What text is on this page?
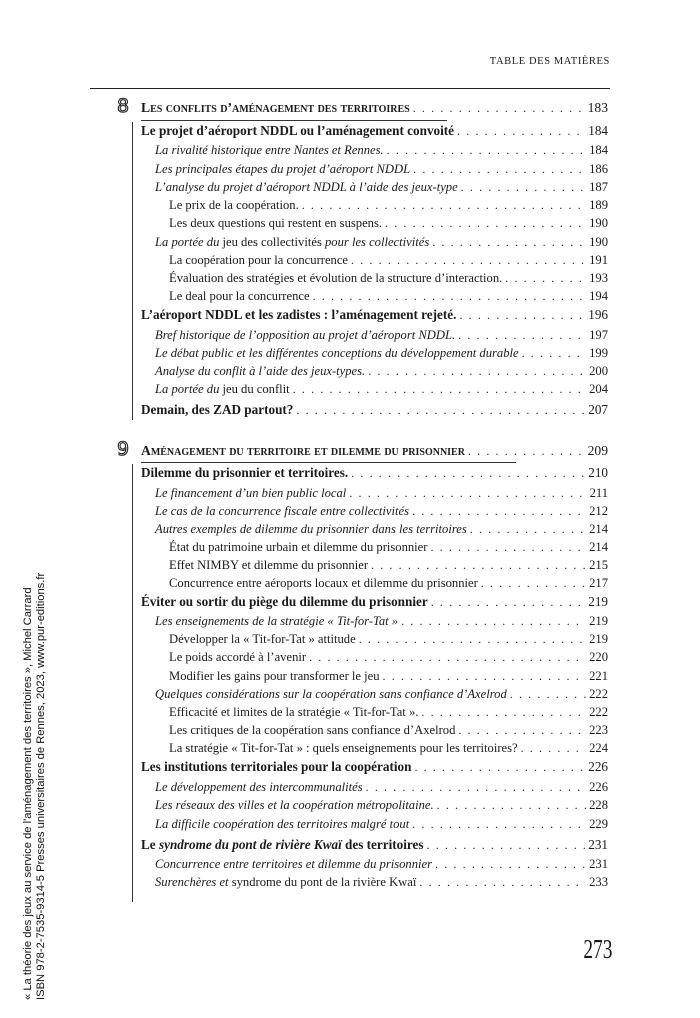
TABLE DES MATIÈRES
8 Les conflits d’aménagement des territoires . . .	183
Le projet d’aéroport NDDL ou l’aménagement convoité . . .	184
La rivalité historique entre Nantes et Rennes. . . .	184
Les principales étapes du projet d’aéroport NDDL . . .	186
L’analyse du projet d’aéroport NDDL à l’aide des jeux-type . . .	187
Le prix de la coopération. . . .	189
Les deux questions qui restent en suspens. . . .	190
La portée du jeu des collectivités pour les collectivités . . .	190
La coopération pour la concurrence . . .	191
Évaluation des stratégies et évolution de la structure d’interaction. . . .	193
Le deal pour la concurrence . . .	194
L’aéroport NDDL et les zadistes : l’aménagement rejeté. . . .	196
Bref historique de l’opposition au projet d’aéroport NDDL. . . .	197
Le débat public et les différentes conceptions du développement durable . . .	199
Analyse du conflit à l’aide des jeux-types. . . .	200
La portée du jeu du conflit . . .	204
Demain, des ZAD partout? . . .	207
9 Aménagement du territoire et dilemme du prisonnier . . .	209
Dilemme du prisonnier et territoires. . . .	210
Le financement d’un bien public local . . .	211
Le cas de la concurrence fiscale entre collectivités . . .	212
Autres exemples de dilemme du prisonnier dans les territoires . . .	214
État du patrimoine urbain et dilemme du prisonnier . . .	214
Effet NIMBY et dilemme du prisonnier . . .	215
Concurrence entre aéroports locaux et dilemme du prisonnier . . .	217
Éviter ou sortir du piège du dilemme du prisonnier . . .	219
Les enseignements de la stratégie « Tit-for-Tat » . . .	219
Développer la « Tit-for-Tat » attitude . . .	219
Le poids accordé à l’avenir . . .	220
Modifier les gains pour transformer le jeu . . .	221
Quelques considérations sur la coopération sans confiance d’Axelrod . . .	222
Efficacité et limites de la stratégie « Tit-for-Tat ». . . .	222
Les critiques de la coopération sans confiance d’Axelrod . . .	223
La stratégie « Tit-for-Tat » : quels enseignements pour les territoires? . . .	224
Les institutions territoriales pour la coopération . . .	226
Le développement des intercommunalités . . .	226
Les réseaux des villes et la coopération métropolitaine. . . .	228
La difficile coopération des territoires malgré tout . . .	229
Le syndrome du pont de rivière Kwaï des territoires . . .	231
Concurrence entre territoires et dilemme du prisonnier . . .	231
Surenchères et syndrome du pont de la rivière Kwaï . . .	233
273
« La théorie des jeux au service de l'aménagement des territoires », Michel Carrard ISBN 978-2-7535-9314-5 Presses universitaires de Rennes, 2023, www.pur-editions.fr
